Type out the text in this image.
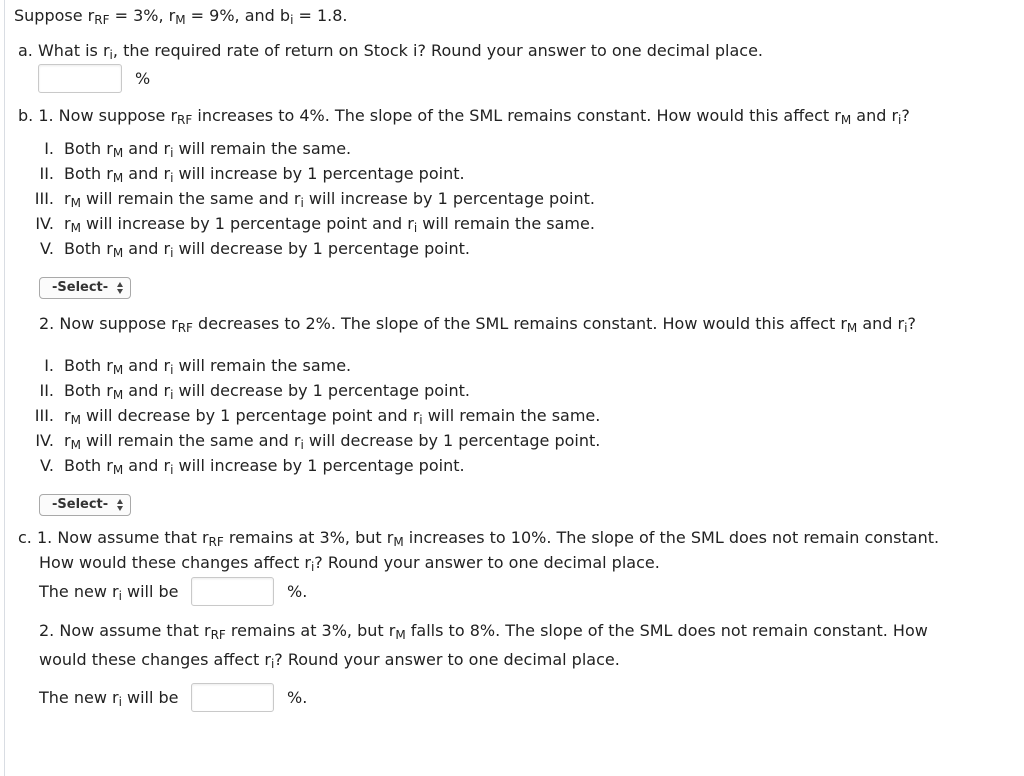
Suppose $r_{RF} = 3\%$, $r_M = 9\%$, and $b_i = 1.8$.
a. What is $r_i$, the required rate of return on Stock i? Round your answer to one decimal place.
%
b. 1. Now suppose $r_{RF}$ increases to 4%. The slope of the SML remains constant. How would this affect $r_M$ and $r_i$?
I. Both $r_M$ and $r_i$ will remain the same.
II. Both $r_M$ and $r_i$ will increase by 1 percentage point.
III. $r_M$ will remain the same and $r_i$ will increase by 1 percentage point.
IV. $r_M$ will increase by 1 percentage point and $r_i$ will remain the same.
V. Both $r_M$ and $r_i$ will decrease by 1 percentage point.
-Select-
2. Now suppose $r_{RF}$ decreases to 2%. The slope of the SML remains constant. How would this affect $r_M$ and $r_i$?
I. Both $r_M$ and $r_i$ will remain the same.
II. Both $r_M$ and $r_i$ will decrease by 1 percentage point.
III. $r_M$ will decrease by 1 percentage point and $r_i$ will remain the same.
IV. $r_M$ will remain the same and $r_i$ will decrease by 1 percentage point.
V. Both $r_M$ and $r_i$ will increase by 1 percentage point.
-Select-
c. 1. Now assume that $r_{RF}$ remains at 3%, but $r_M$ increases to 10%. The slope of the SML does not remain constant.
How would these changes affect $r_i$? Round your answer to one decimal place.
The new $r_i$ will be	%.
2. Now assume that $r_{RF}$ remains at 3%, but $r_M$ falls to 8%. The slope of the SML does not remain constant. How
would these changes affect $r_i$? Round your answer to one decimal place.
The new $r_i$ will be	%.
